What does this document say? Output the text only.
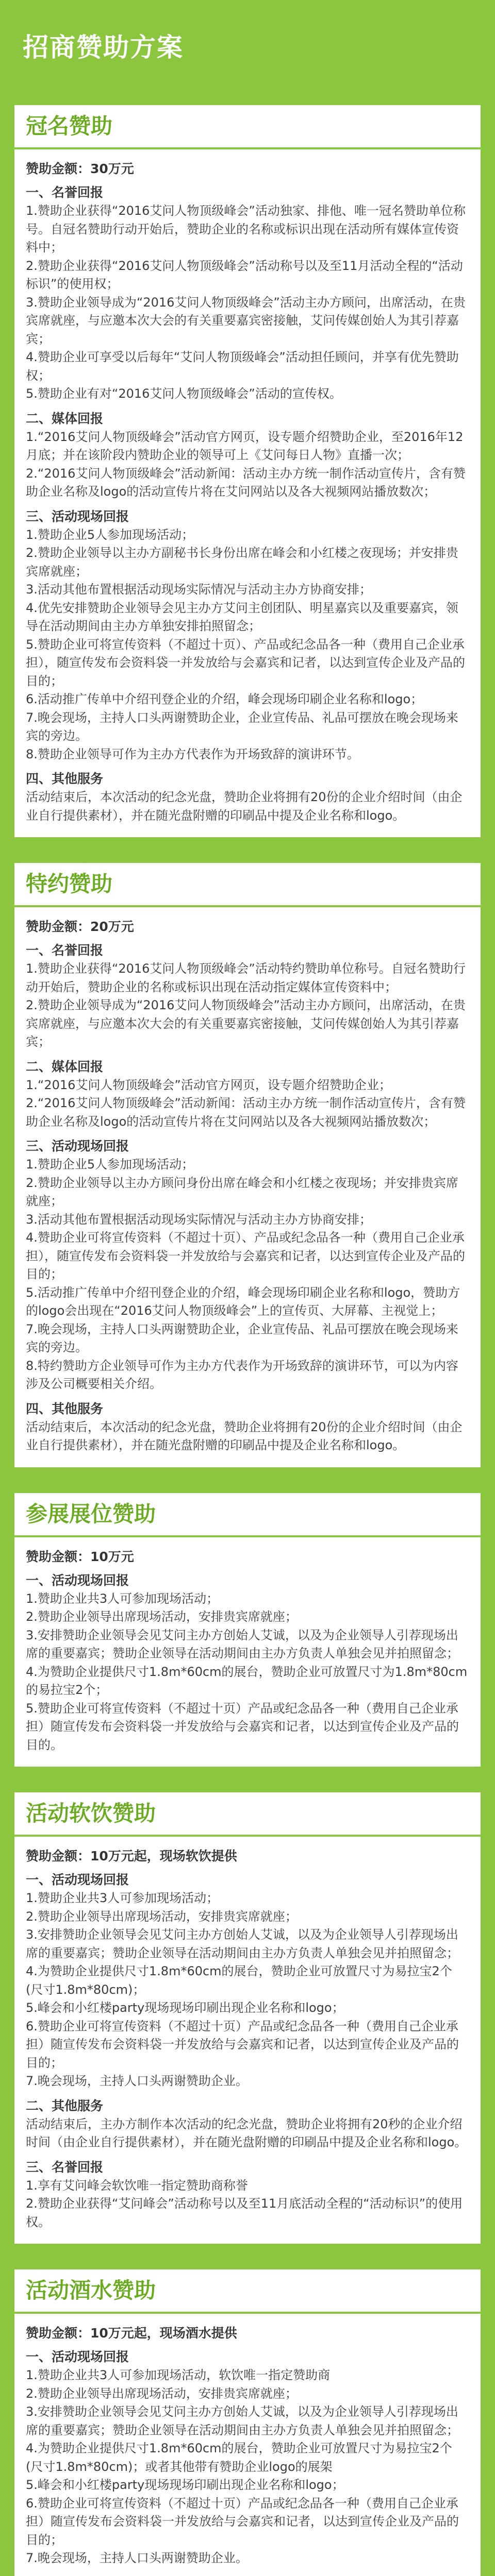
招商赞助方案
冠名赞助
赞助金额：30万元
一、名誉回报

1.赞助企业获得“2016艾问人物顶级峰会”活动独家、排他、唯一冠名赞助单位称号。自冠名赞助行动开始后，赞助企业的名称或标识出现在活动所有媒体宣传资料中；

2.赞助企业获得“2016艾问人物顶级峰会”活动称号以及至11月活动全程的“活动标识”的使用权；

3.赞助企业领导成为“2016艾问人物顶级峰会”活动主办方顾问，出席活动，在贵宾席就座，与应邀本次大会的有关重要嘉宾密接触，艾问传媒创始人为其引荐嘉宾；

4.赞助企业可享受以后每年“艾问人物顶级峰会”活动担任顾问，并享有优先赞助权；

5.赞助企业有对“2016艾问人物顶级峰会”活动的宣传权。

二、媒体回报

1.“2016艾问人物顶级峰会”活动官方网页，设专题介绍赞助企业，至2016年12月底；并在该阶段内赞助企业的领导可上《艾问每日人物》直播一次；

2.“2016艾问人物顶级峰会”活动新闻：活动主办方统一制作活动宣传片，含有赞助企业名称及logo的活动宣传片将在艾问网站以及各大视频网站播放数次；

三、活动现场回报

1.赞助企业5人参加现场活动；

2.赞助企业领导以主办方副秘书长身份出席在峰会和小红楼之夜现场；并安排贵宾席就座；

3.活动其他布置根据活动现场实际情况与活动主办方协商安排；

4.优先安排赞助企业领导会见主办方艾问主创团队、明星嘉宾以及重要嘉宾，领导在活动期间由主办方单独安排拍照留念；

5.赞助企业可将宣传资料（不超过十页）、产品或纪念品各一种（费用自己企业承担），随宣传发布会资料袋一并发放给与会嘉宾和记者，以达到宣传企业及产品的目的；

6.活动推广传单中介绍刊登企业的介绍，峰会现场印刷企业名称和logo；

7.晚会现场，主持人口头两谢赞助企业，企业宣传品、礼品可摆放在晚会现场来宾的旁边。

8.赞助企业领导可作为主办方代表作为开场致辞的演讲环节。

四、其他服务

活动结束后，本次活动的纪念光盘，赞助企业将拥有20份的企业介绍时间（由企业自行提供素材），并在随光盘附赠的印刷品中提及企业名称和logo。

特约赞助
赞助金额：20万元
一、名誉回报

1.赞助企业获得“2016艾问人物顶级峰会”活动特约赞助单位称号。自冠名赞助行动开始后，赞助企业的名称或标识出现在活动指定媒体宣传资料中；

2.赞助企业领导成为“2016艾问人物顶级峰会”活动主办方顾问，出席活动，在贵宾席就座，与应邀本次大会的有关重要嘉宾密接触，艾问传媒创始人为其引荐嘉宾；

二、媒体回报

1.“2016艾问人物顶级峰会”活动官方网页，设专题介绍赞助企业；

2.“2016艾问人物顶级峰会”活动新闻：活动主办方统一制作活动宣传片，含有赞助企业名称及logo的活动宣传片将在艾问网站以及各大视频网站播放数次；

三、活动现场回报

1.赞助企业5人参加现场活动；

2.赞助企业领导以主办方顾问身份出席在峰会和小红楼之夜现场；并安排贵宾席就座；

3.活动其他布置根据活动现场实际情况与活动主办方协商安排；

4.赞助企业可将宣传资料（不超过十页）、产品或纪念品各一种（费用自己企业承担），随宣传发布会资料袋一并发放给与会嘉宾和记者，以达到宣传企业及产品的目的；

5.活动推广传单中介绍刊登企业的介绍，峰会现场印刷企业名称和logo，赞助方的logo会出现在“2016艾问人物顶级峰会”上的宣传页、大屏幕、主视觉上；

7.晚会现场，主持人口头两谢赞助企业，企业宣传品、礼品可摆放在晚会现场来宾的旁边。

8.特约赞助方企业领导可作为主办方代表作为开场致辞的演讲环节，可以为内容涉及公司概要相关介绍。

四、其他服务

活动结束后，本次活动的纪念光盘，赞助企业将拥有20份的企业介绍时间（由企业自行提供素材），并在随光盘附赠的印刷品中提及企业名称和logo。

参展展位赞助
赞助金额：10万元
一、活动现场回报

1.赞助企业共3人可参加现场活动；

2.赞助企业领导出席现场活动，安排贵宾席就座；

3.安排赞助企业领导会见艾问主办方创始人艾诚，以及为企业领导人引荐现场出席的重要嘉宾；赞助企业领导在活动期间由主办方负责人单独会见并拍照留念；

4.为赞助企业提供尺寸1.8m*60cm的展台，赞助企业可放置尺寸为1.8m*80cm的易拉宝2个；

5.赞助企业可将宣传资料（不超过十页）产品或纪念品各一种（费用自己企业承担）随宣传发布会资料袋一并发放给与会嘉宾和记者，以达到宣传企业及产品的目的。

活动软饮赞助
赞助金额：10万元起，现场软饮提供
一、活动现场回报

1.赞助企业共3人可参加现场活动；

2.赞助企业领导出席现场活动，安排贵宾席就座；

3.安排赞助企业领导会见艾问主办方创始人艾诚，以及为企业领导人引荐现场出席的重要嘉宾；赞助企业领导在活动期间由主办方负责人单独会见并拍照留念；

4.为赞助企业提供尺寸1.8m*60cm的展台，赞助企业可放置尺寸为易拉宝2个(尺寸1.8m*80cm)；

5.峰会和小红楼party现场现场印刷出现企业名称和logo；

6.赞助企业可将宣传资料（不超过十页）产品或纪念品各一种（费用自己企业承担）随宣传发布会资料袋一并发放给与会嘉宾和记者，以达到宣传企业及产品的目的；

7.晚会现场，主持人口头两谢赞助企业。

二、其他服务

活动结束后，主办方制作本次活动的纪念光盘，赞助企业将拥有20秒的企业介绍时间（由企业自行提供素材），并在随光盘附赠的印刷品中提及企业名称和logo。

三、名誉回报

1.享有艾问峰会软饮唯一指定赞助商称誉

2.赞助企业获得“艾问峰会”活动称号以及至11月底活动全程的“活动标识”的使用权。

活动酒水赞助
赞助金额：10万元起，现场酒水提供
一、活动现场回报

1.赞助企业共3人可参加现场活动，软饮唯一指定赞助商

2.赞助企业领导出席现场活动，安排贵宾席就座；

3.安排赞助企业领导会见艾问主办方创始人艾诚，以及为企业领导人引荐现场出席的重要嘉宾；赞助企业领导在活动期间由主办方负责人单独会见并拍照留念；

4.为赞助企业提供尺寸1.8m*60cm的展台，赞助企业可放置尺寸为易拉宝2个(尺寸1.8m*80cm)；或者其他带有赞助企业logo的展架

5.峰会和小红楼party现场现场印刷出现企业名称和logo；

6.赞助企业可将宣传资料（不超过十页）产品或纪念品各一种（费用自己企业承担）随宣传发布会资料袋一并发放给与会嘉宾和记者，以达到宣传企业及产品的目的；

7.晚会现场，主持人口头两谢赞助企业。
